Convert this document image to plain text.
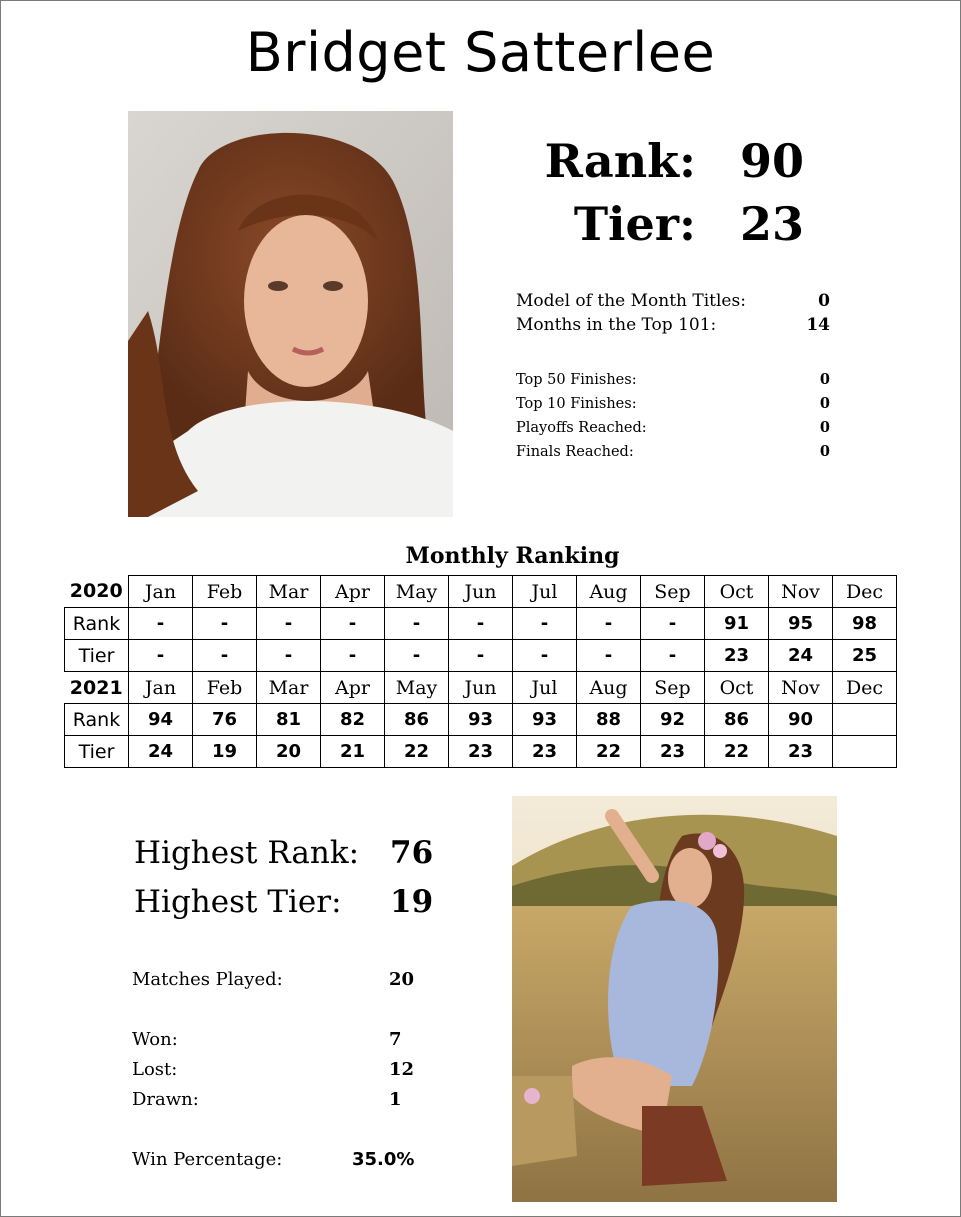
Bridget Satterlee
Rank: 90
Tier: 23
Model of the Month Titles:	0
Months in the Top 101:	14
Top 50 Finishes:	0
Top 10 Finishes:	0
Playoffs Reached:	0
Finals Reached:	0
Monthly Ranking
2020	Jan	Feb	Mar	Apr	May	Jun	Jul	Aug	Sep	Oct	Nov	Dec
Rank	-	-	-	-	-	-	-	-	-	91	95	98
Tier	-	-	-	-	-	-	-	-	-	23	24	25
2021	Jan	Feb	Mar	Apr	May	Jun	Jul	Aug	Sep	Oct	Nov	Dec
Rank	94	76	81	82	86	93	93	88	92	86	90	
Tier	24	19	20	21	22	23	23	22	23	22	23	
Highest Rank: 76
Highest Tier: 19
Matches Played:	20
Won:	7
Lost:	12
Drawn:	1
Win Percentage:	35.0%
